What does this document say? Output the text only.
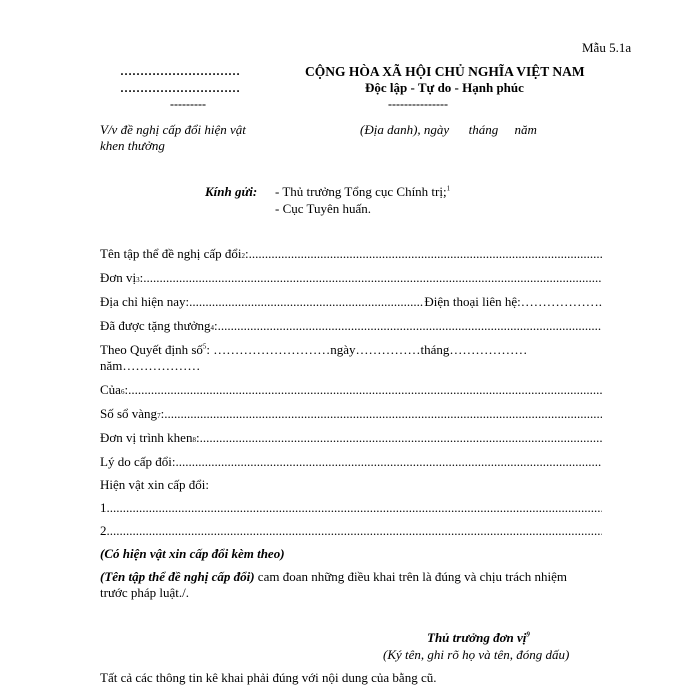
Mẫu 5.1a
…………………………
…………………………
---------
V/v đề nghị cấp đổi hiện vật
khen thưởng
CỘNG HÒA XÃ HỘI CHỦ NGHĨA VIỆT NAM
Độc lập - Tự do - Hạnh phúc
---------------
(Địa danh), ngày      tháng     năm
Kính gửi: - Thủ trưởng Tổng cục Chính trị;$^1$
- Cục Tuyên huấn.
Tên tập thể đề nghị cấp đổi 2 :
.....
Đơn vị 3 :
.....
Địa chỉ hiện nay:
.....	Điện thoại liên hệ: ……………….
Đã được tặng thưởng 4 :
.....
Theo Quyết định số$^5$: ………………………ngày……………tháng………………
năm………………
Của 6 :
.....
Số sổ vàng 7 :
.....
Đơn vị trình khen 8 :
.....
Lý do cấp đổi:
.....
Hiện vật xin cấp đổi:
1.
.....
2.
.....
(Có hiện vật xin cấp đổi kèm theo)
(Tên tập thể đề nghị cấp đổi) cam đoan những điều khai trên là đúng và chịu trách nhiệm
trước pháp luật./.
Thủ trưởng đơn vị$^9$
(Ký tên, ghi rõ họ và tên, đóng dấu)
Tất cả các thông tin kê khai phải đúng với nội dung của bằng cũ.
